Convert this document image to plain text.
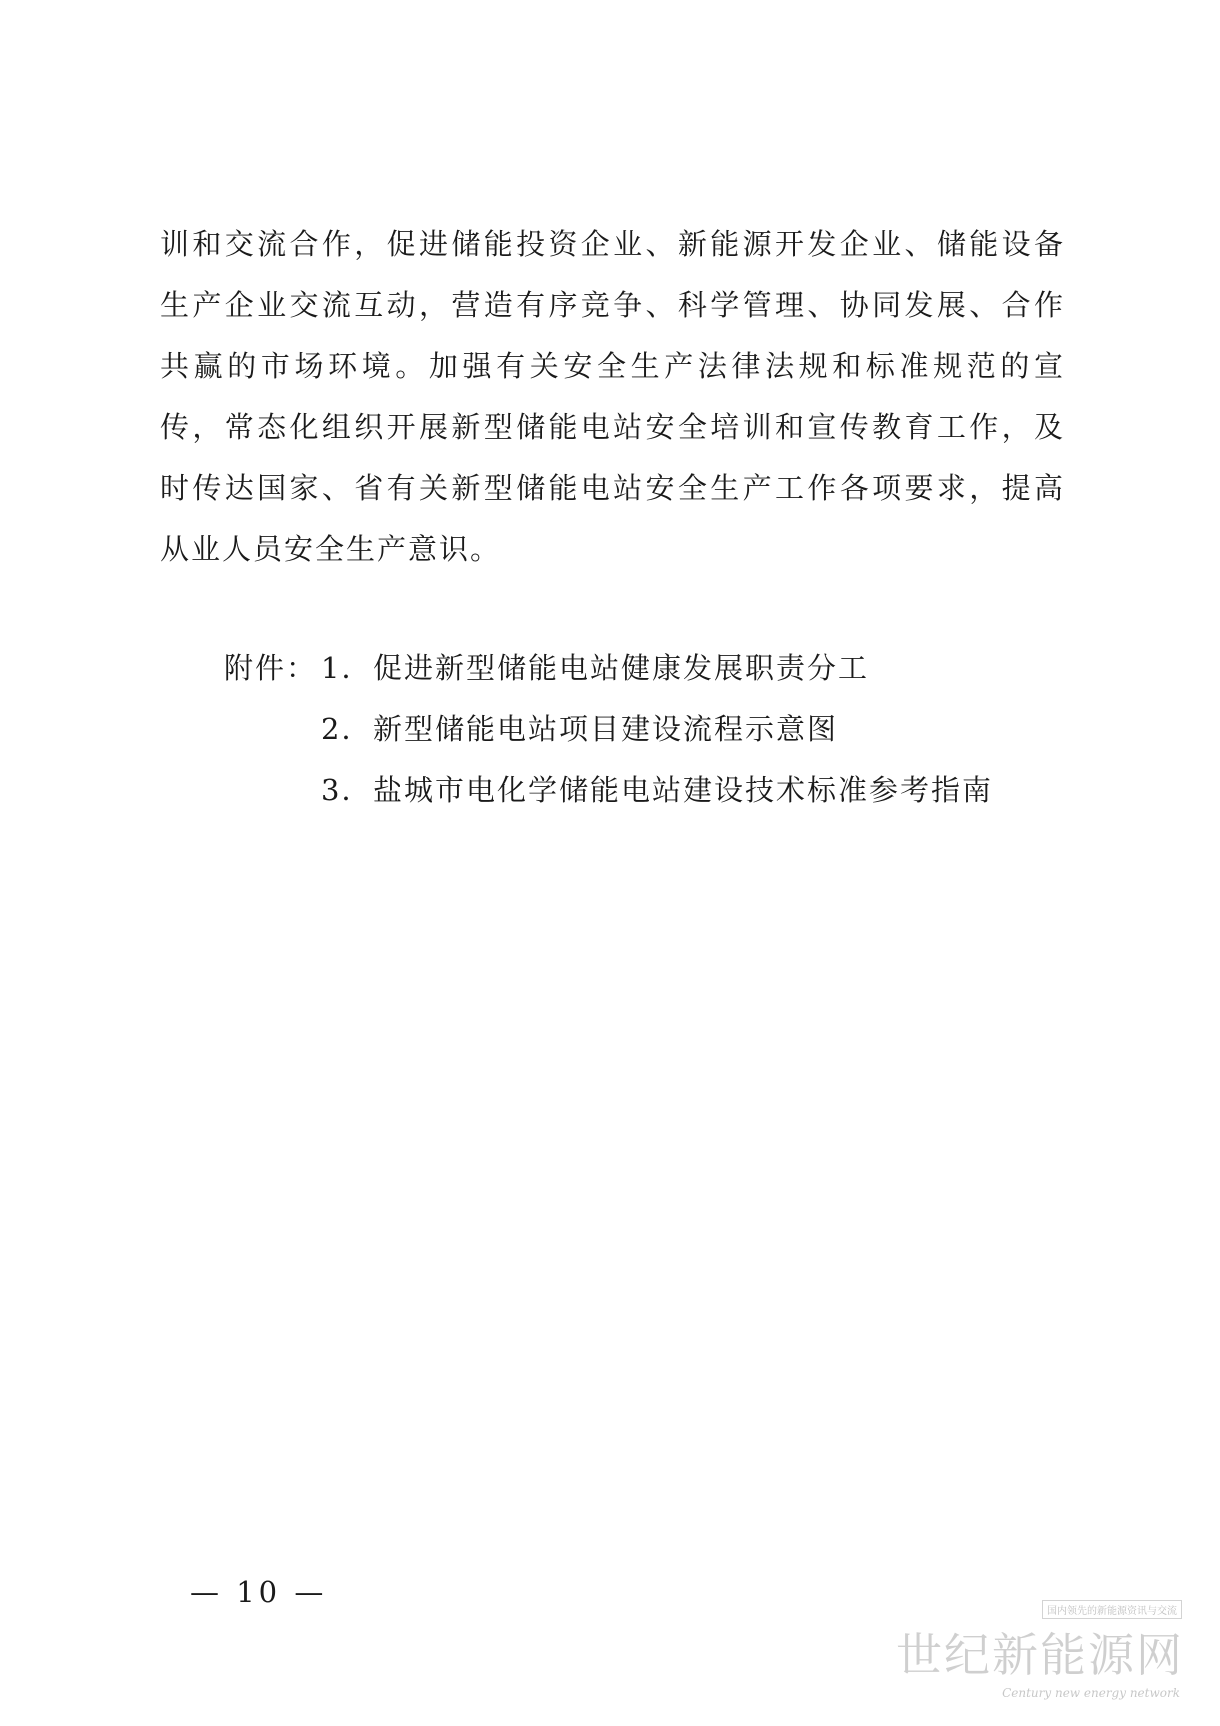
训和交流合作，促进储能投资企业、新能源开发企业、储能设备
生产企业交流互动，营造有序竞争、科学管理、协同发展、合作
共赢的市场环境。加强有关安全生产法律法规和标准规范的宣
传，常态化组织开展新型储能电站安全培训和宣传教育工作，及
时传达国家、省有关新型储能电站安全生产工作各项要求，提高
从业人员安全生产意识。
附件： 1． 促进新型储能电站健康发展职责分工
2． 新型储能电站项目建设流程示意图
3． 盐城市电化学储能电站建设技术标准参考指南
— 10 —
国内领先的新能源资讯与交流
世纪新能源网
Century new energy network
